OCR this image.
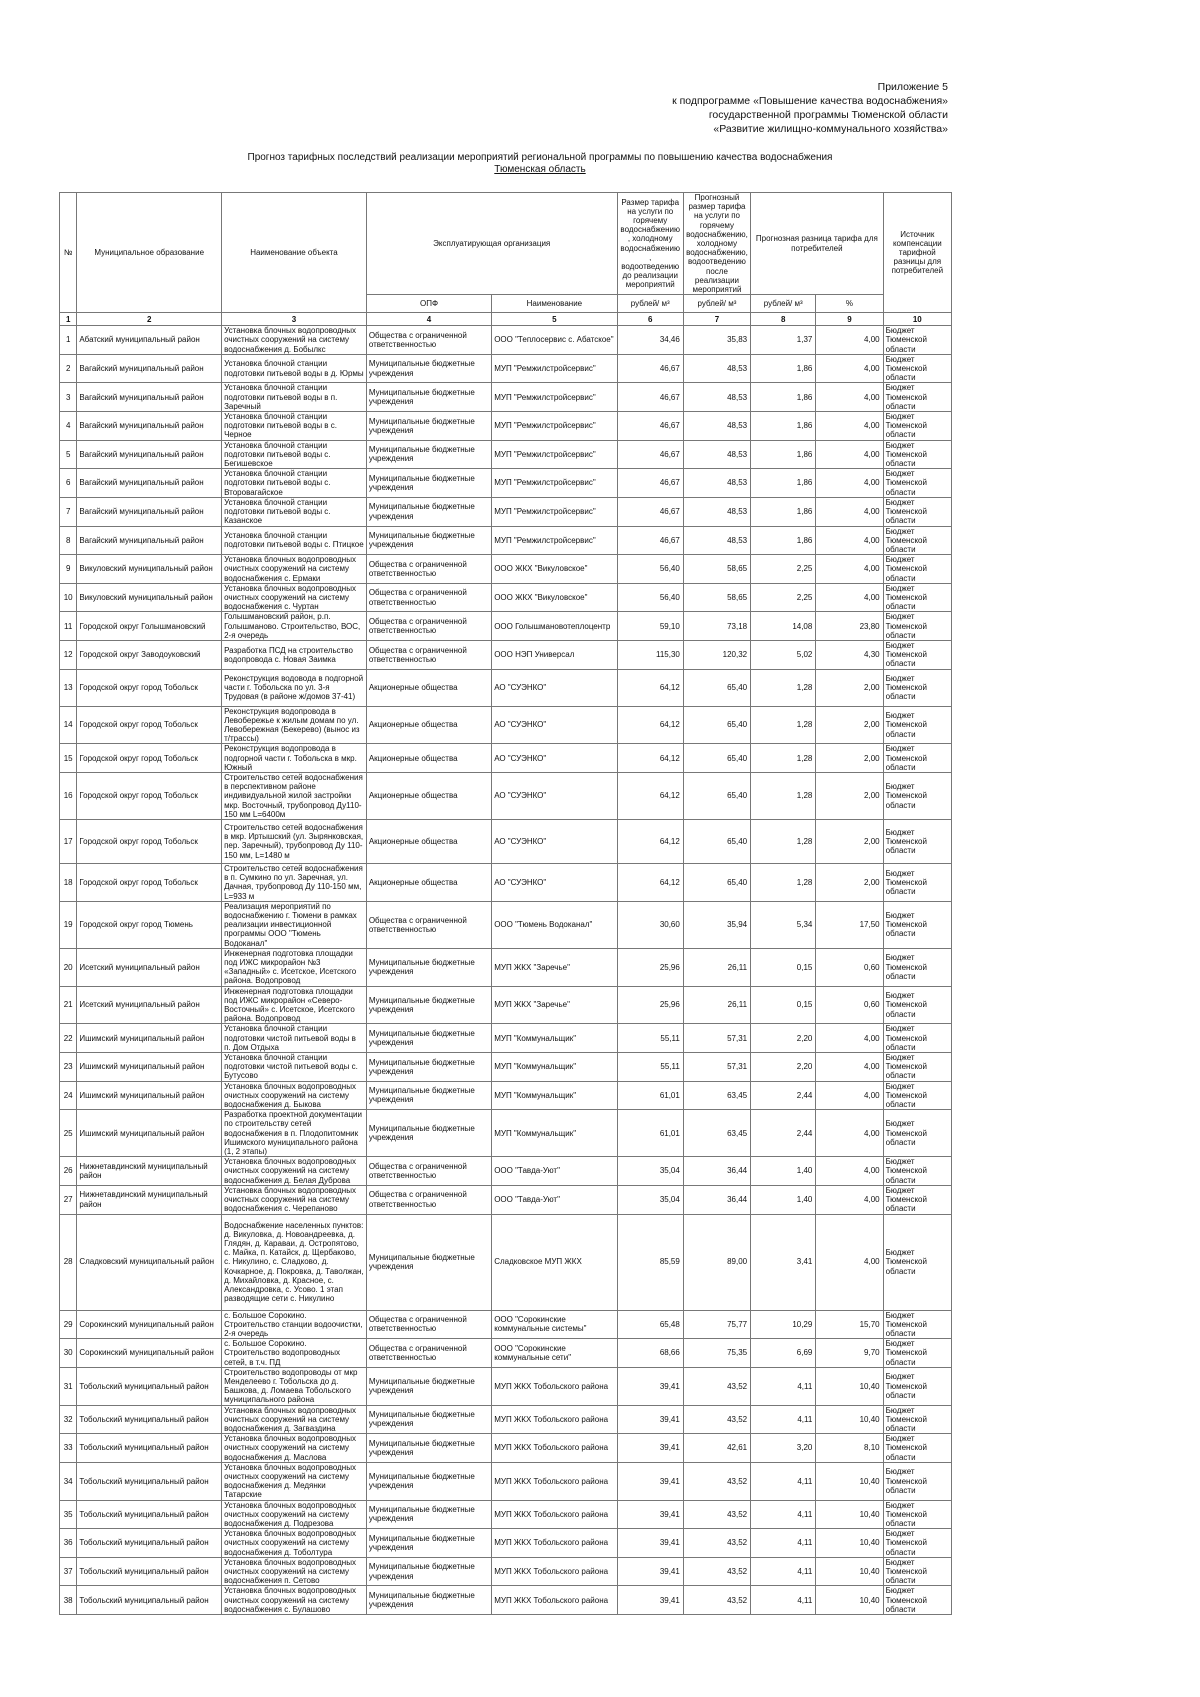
Приложение 5
к подпрограмме «Повышение качества водоснабжения»
государственной программы Тюменской области
«Развитие жилищно-коммунального хозяйства»
Прогноз тарифных последствий реализации мероприятий региональной программы по повышению качества водоснабжения
Тюменская область
№	Муниципальное образование	Наименование объекта	Эксплуатирующая организация		Размер тарифа на услуги по горячему водоснабжению, холодному водоснабжению, водоотведению до реализации мероприятий	Прогнозный размер тарифа на услуги по горячему водоснабжению, холодному водоснабжению, водоотведению после реализации мероприятий	Прогнозная разница тарифа для потребителей		Источник компенсации тарифной разницы для потребителей
			ОПФ	Наименование	рублей/ м³	рублей/ м³	рублей/ м³	%	
1	2	3	4	5	6	7	8	9	10
1	Абатский муниципальный район	Установка блочных водопроводных очистных сооружений на систему водоснабжения д. Бобылкс	Общества с ограниченной ответственностью	ООО "Теплосервис с. Абатское"	34,46	35,83	1,37	4,00	Бюджет Тюменской области
2	Вагайский муниципальный район	Установка блочной станции подготовки питьевой воды в д. Юрмы	Муниципальные бюджетные учреждения	МУП "Ремжилстройсервис"	46,67	48,53	1,86	4,00	Бюджет Тюменской области
3	Вагайский муниципальный район	Установка блочной станции подготовки питьевой воды в п. Заречный	Муниципальные бюджетные учреждения	МУП "Ремжилстройсервис"	46,67	48,53	1,86	4,00	Бюджет Тюменской области
4	Вагайский муниципальный район	Установка блочной станции подготовки питьевой воды в с. Черное	Муниципальные бюджетные учреждения	МУП "Ремжилстройсервис"	46,67	48,53	1,86	4,00	Бюджет Тюменской области
5	Вагайский муниципальный район	Установка блочной станции подготовки питьевой воды с. Бегишевское	Муниципальные бюджетные учреждения	МУП "Ремжилстройсервис"	46,67	48,53	1,86	4,00	Бюджет Тюменской области
6	Вагайский муниципальный район	Установка блочной станции подготовки питьевой воды с. Второвагайское	Муниципальные бюджетные учреждения	МУП "Ремжилстройсервис"	46,67	48,53	1,86	4,00	Бюджет Тюменской области
7	Вагайский муниципальный район	Установка блочной станции подготовки питьевой воды с. Казанское	Муниципальные бюджетные учреждения	МУП "Ремжилстройсервис"	46,67	48,53	1,86	4,00	Бюджет Тюменской области
8	Вагайский муниципальный район	Установка блочной станции подготовки питьевой воды с. Птицкое	Муниципальные бюджетные учреждения	МУП "Ремжилстройсервис"	46,67	48,53	1,86	4,00	Бюджет Тюменской области
9	Викуловский муниципальный район	Установка блочных водопроводных очистных сооружений на систему водоснабжения с. Ермаки	Общества с ограниченной ответственностью	ООО ЖКХ "Викуловское"	56,40	58,65	2,25	4,00	Бюджет Тюменской области
10	Викуловский муниципальный район	Установка блочных водопроводных очистных сооружений на систему водоснабжения с. Чуртан	Общества с ограниченной ответственностью	ООО ЖКХ "Викуловское"	56,40	58,65	2,25	4,00	Бюджет Тюменской области
11	Городской округ Голышмановский	Голышмановский район, р.п. Голышманово. Строительство, ВОС, 2-я очередь	Общества с ограниченной ответственностью	ООО Голышмановотеплоцентр	59,10	73,18	14,08	23,80	Бюджет Тюменской области
12	Городской округ Заводоуковский	Разработка ПСД на строительство водопровода с. Новая Заимка	Общества с ограниченной ответственностью	ООО НЭП Универсал	115,30	120,32	5,02	4,30	Бюджет Тюменской области
13	Городской округ город Тобольск	Реконструкция водовода в подгорной части г. Тобольска по ул. 3-я Трудовая (в районе ж/домов 37-41)	Акционерные общества	АО "СУЭНКО"	64,12	65,40	1,28	2,00	Бюджет Тюменской области
14	Городской округ город Тобольск	Реконструкция водопровода в Левобережье к жилым домам по ул. Левобережная (Бекерево) (вынос из т/трассы)	Акционерные общества	АО "СУЭНКО"	64,12	65,40	1,28	2,00	Бюджет Тюменской области
15	Городской округ город Тобольск	Реконструкция водопровода в подгорной части г. Тобольска в мкр. Южный	Акционерные общества	АО "СУЭНКО"	64,12	65,40	1,28	2,00	Бюджет Тюменской области
16	Городской округ город Тобольск	Строительство сетей водоснабжения в перспективном районе индивидуальной жилой застройки мкр. Восточный, трубопровод Ду110-150 мм L=6400м	Акционерные общества	АО "СУЭНКО"	64,12	65,40	1,28	2,00	Бюджет Тюменской области
17	Городской округ город Тобольск	Строительство сетей водоснабжения в мкр. Иртышский (ул. Зырянковская, пер. Заречный), трубопровод Ду 110-150 мм, L=1480 м	Акционерные общества	АО "СУЭНКО"	64,12	65,40	1,28	2,00	Бюджет Тюменской области
18	Городской округ город Тобольск	Строительство сетей водоснабжения в п. Сумкино по ул. Заречная, ул. Дачная, трубопровод Ду 110-150 мм, L=933 м	Акционерные общества	АО "СУЭНКО"	64,12	65,40	1,28	2,00	Бюджет Тюменской области
19	Городской округ город Тюмень	Реализация мероприятий по водоснабжению г. Тюмени в рамках реализации инвестиционной программы ООО "Тюмень Водоканал"	Общества с ограниченной ответственностью	ООО "Тюмень Водоканал"	30,60	35,94	5,34	17,50	Бюджет Тюменской области
20	Исетский муниципальный район	Инженерная подготовка площадки под ИЖС микрорайон №3 «Западный» с. Исетское, Исетского района. Водопровод	Муниципальные бюджетные учреждения	МУП ЖКХ "Заречье"	25,96	26,11	0,15	0,60	Бюджет Тюменской области
21	Исетский муниципальный район	Инженерная подготовка площадки под ИЖС микрорайон «Северо-Восточный» с. Исетское, Исетского района. Водопровод	Муниципальные бюджетные учреждения	МУП ЖКХ "Заречье"	25,96	26,11	0,15	0,60	Бюджет Тюменской области
22	Ишимский муниципальный район	Установка блочной станции подготовки чистой питьевой воды в п. Дом Отдыха	Муниципальные бюджетные учреждения	МУП "Коммунальщик"	55,11	57,31	2,20	4,00	Бюджет Тюменской области
23	Ишимский муниципальный район	Установка блочной станции подготовки чистой питьевой воды с. Бутусово	Муниципальные бюджетные учреждения	МУП "Коммунальщик"	55,11	57,31	2,20	4,00	Бюджет Тюменской области
24	Ишимский муниципальный район	Установка блочных водопроводных очистных сооружений на систему водоснабжения д. Быкова	Муниципальные бюджетные учреждения	МУП "Коммунальщик"	61,01	63,45	2,44	4,00	Бюджет Тюменской области
25	Ишимский муниципальный район	Разработка проектной документации по строительству сетей водоснабжения в п. Плодопитомник Ишимского муниципального района (1, 2 этапы)	Муниципальные бюджетные учреждения	МУП "Коммунальщик"	61,01	63,45	2,44	4,00	Бюджет Тюменской области
26	Нижнетавдинский муниципальный район	Установка блочных водопроводных очистных сооружений на систему водоснабжения д. Белая Дуброва	Общества с ограниченной ответственностью	ООО "Тавда-Уют"	35,04	36,44	1,40	4,00	Бюджет Тюменской области
27	Нижнетавдинский муниципальный район	Установка блочных водопроводных очистных сооружений на систему водоснабжения с. Черепаново	Общества с ограниченной ответственностью	ООО "Тавда-Уют"	35,04	36,44	1,40	4,00	Бюджет Тюменской области
28	Сладковский муниципальный район	Водоснабжение населенных пунктов: д. Викуловка, д. Новоандреевка, д. Глядян, д. Караваи, д. Остропятово, с. Майка, п. Катайск, д. Щербаково, с. Никулино, с. Сладково, д. Кочкарное, д. Покровка, д. Таволжан, д. Михайловка, д. Красное, с. Александровка, с. Усово. 1 этап разводящие сети с. Никулино	Муниципальные бюджетные учреждения	Сладковское МУП ЖКХ	85,59	89,00	3,41	4,00	Бюджет Тюменской области
29	Сорокинский муниципальный район	с. Большое Сорокино. Строительство станции водоочистки, 2-я очередь	Общества с ограниченной ответственностью	ООО "Сорокинские коммунальные системы"	65,48	75,77	10,29	15,70	Бюджет Тюменской области
30	Сорокинский муниципальный район	с. Большое Сорокино. Строительство водопроводных сетей, в т.ч. ПД	Общества с ограниченной ответственностью	ООО "Сорокинские коммунальные сети"	68,66	75,35	6,69	9,70	Бюджет Тюменской области
31	Тобольский муниципальный район	Строительство водопроводы от мкр Менделеево г. Тобольска до д. Башкова, д. Ломаева Тобольского муниципального района	Муниципальные бюджетные учреждения	МУП ЖКХ Тобольского района	39,41	43,52	4,11	10,40	Бюджет Тюменской области
32	Тобольский муниципальный район	Установка блочных водопроводных очистных сооружений на систему водоснабжения д. Загваздина	Муниципальные бюджетные учреждения	МУП ЖКХ Тобольского района	39,41	43,52	4,11	10,40	Бюджет Тюменской области
33	Тобольский муниципальный район	Установка блочных водопроводных очистных сооружений на систему водоснабжения д. Маслова	Муниципальные бюджетные учреждения	МУП ЖКХ Тобольского района	39,41	42,61	3,20	8,10	Бюджет Тюменской области
34	Тобольский муниципальный район	Установка блочных водопроводных очистных сооружений на систему водоснабжения д. Медянки Татарские	Муниципальные бюджетные учреждения	МУП ЖКХ Тобольского района	39,41	43,52	4,11	10,40	Бюджет Тюменской области
35	Тобольский муниципальный район	Установка блочных водопроводных очистных сооружений на систему водоснабжения д. Подрезова	Муниципальные бюджетные учреждения	МУП ЖКХ Тобольского района	39,41	43,52	4,11	10,40	Бюджет Тюменской области
36	Тобольский муниципальный район	Установка блочных водопроводных очистных сооружений на систему водоснабжения д. Тоболтура	Муниципальные бюджетные учреждения	МУП ЖКХ Тобольского района	39,41	43,52	4,11	10,40	Бюджет Тюменской области
37	Тобольский муниципальный район	Установка блочных водопроводных очистных сооружений на систему водоснабжения п. Сетово	Муниципальные бюджетные учреждения	МУП ЖКХ Тобольского района	39,41	43,52	4,11	10,40	Бюджет Тюменской области
38	Тобольский муниципальный район	Установка блочных водопроводных очистных сооружений на систему водоснабжения с. Булашово	Муниципальные бюджетные учреждения	МУП ЖКХ Тобольского района	39,41	43,52	4,11	10,40	Бюджет Тюменской области
